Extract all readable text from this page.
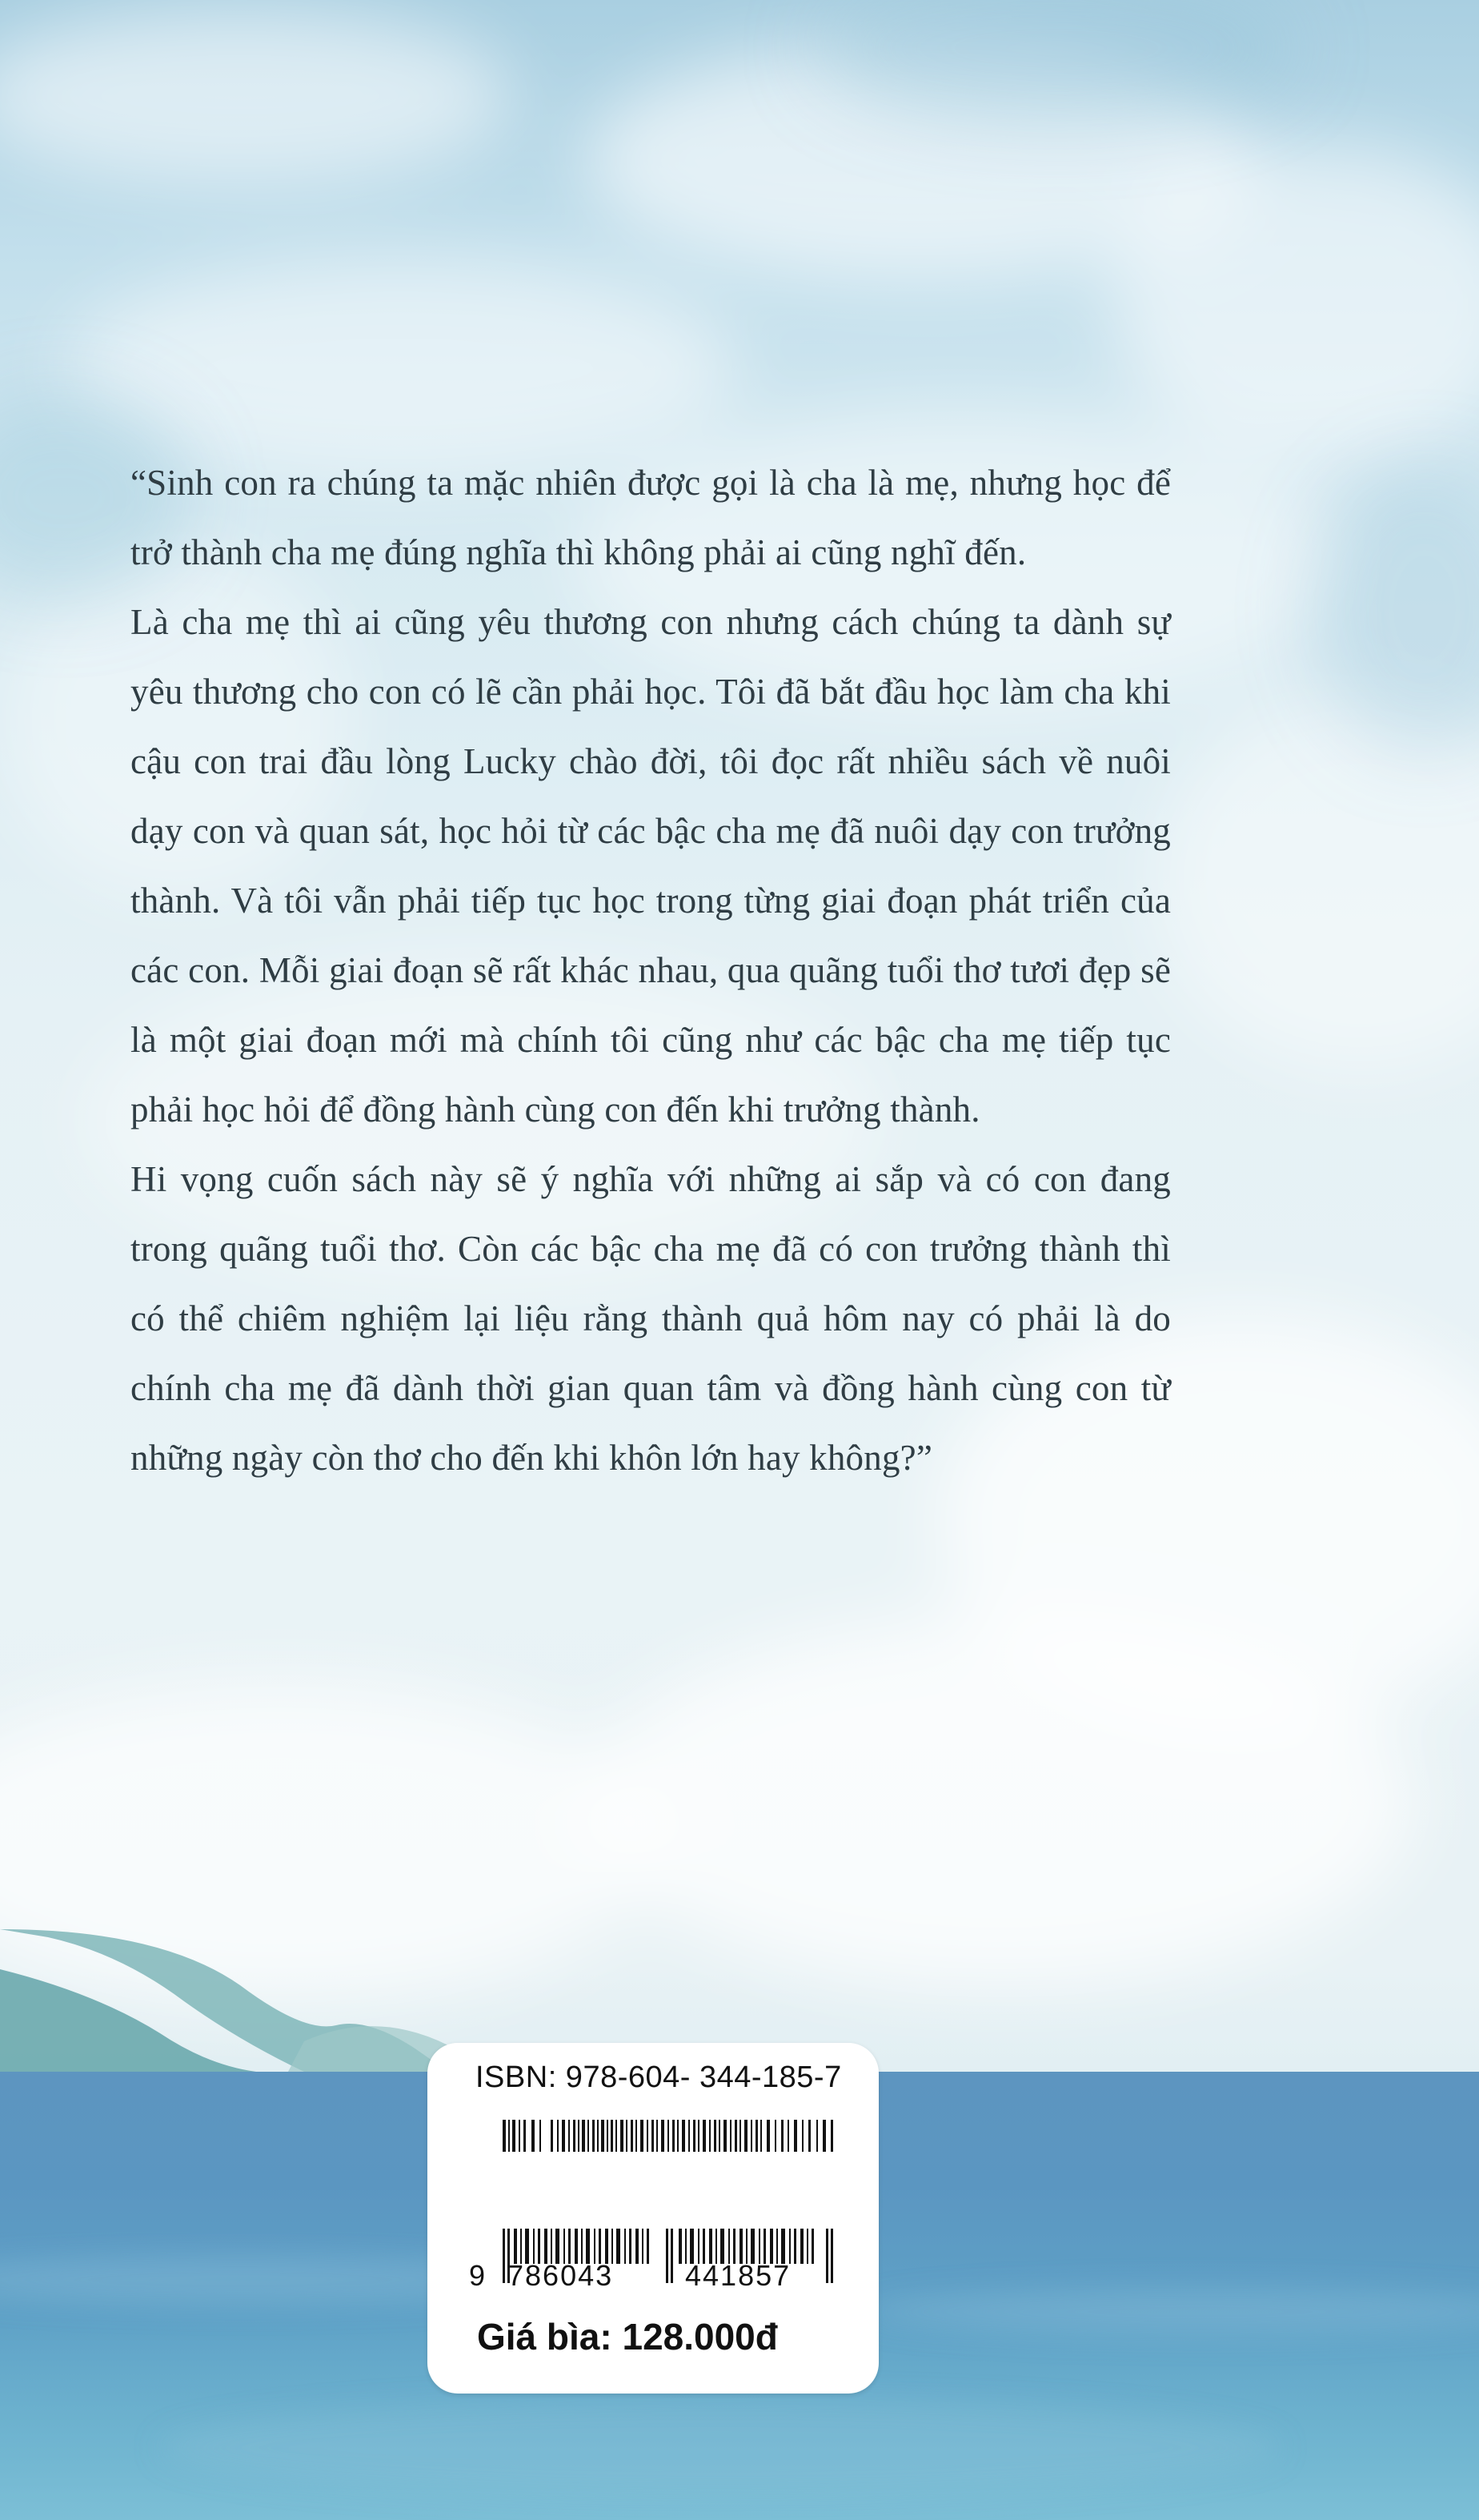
“Sinh con ra chúng ta mặc nhiên được gọi là cha là mẹ, nhưng học để trở thành cha mẹ đúng nghĩa thì không phải ai cũng nghĩ đến.

Là cha mẹ thì ai cũng yêu thương con nhưng cách chúng ta dành sự yêu thương cho con có lẽ cần phải học. Tôi đã bắt đầu học làm cha khi cậu con trai đầu lòng Lucky chào đời, tôi đọc rất nhiều sách về nuôi dạy con và quan sát, học hỏi từ các bậc cha mẹ đã nuôi dạy con trưởng thành. Và tôi vẫn phải tiếp tục học trong từng giai đoạn phát triển của các con. Mỗi giai đoạn sẽ rất khác nhau, qua quãng tuổi thơ tươi đẹp sẽ là một giai đoạn mới mà chính tôi cũng như các bậc cha mẹ tiếp tục phải học hỏi để đồng hành cùng con đến khi trưởng thành.

Hi vọng cuốn sách này sẽ ý nghĩa với những ai sắp và có con đang trong quãng tuổi thơ. Còn các bậc cha mẹ đã có con trưởng thành thì có thể chiêm nghiệm lại liệu rằng thành quả hôm nay có phải là do chính cha mẹ đã dành thời gian quan tâm và đồng hành cùng con từ những ngày còn thơ cho đến khi khôn lớn hay không?”

ISBN: 978-604- 344-185-7
9 786043 441857
Giá bìa: 128.000đ
